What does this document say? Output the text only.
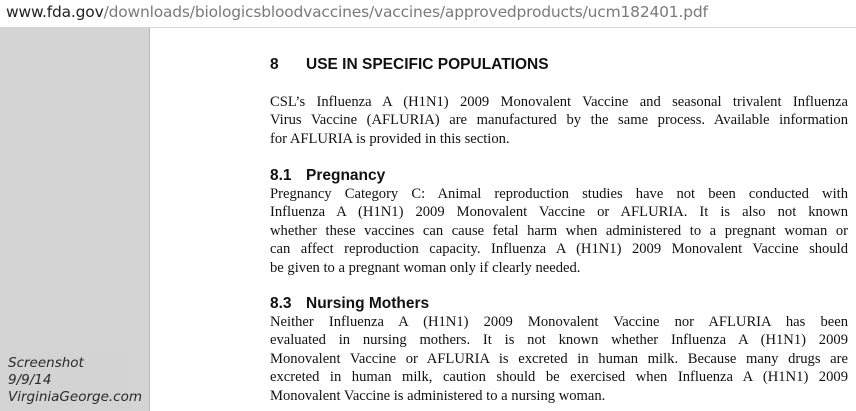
www.fda.gov/downloads/biologicsbloodvaccines/vaccines/approvedproducts/ucm182401.pdf
8 USE IN SPECIFIC POPULATIONS
CSL’s Influenza A (H1N1) 2009 Monovalent Vaccine and seasonal trivalent Influenza
Virus Vaccine (AFLURIA) are manufactured by the same process. Available information
for AFLURIA is provided in this section.
8.1 Pregnancy
Pregnancy Category C: Animal reproduction studies have not been conducted with
Influenza A (H1N1) 2009 Monovalent Vaccine or AFLURIA. It is also not known
whether these vaccines can cause fetal harm when administered to a pregnant woman or
can affect reproduction capacity. Influenza A (H1N1) 2009 Monovalent Vaccine should
be given to a pregnant woman only if clearly needed.
8.3 Nursing Mothers
Neither Influenza A (H1N1) 2009 Monovalent Vaccine nor AFLURIA has been
evaluated in nursing mothers. It is not known whether Influenza A (H1N1) 2009
Monovalent Vaccine or AFLURIA is excreted in human milk. Because many drugs are
excreted in human milk, caution should be exercised when Influenza A (H1N1) 2009
Monovalent Vaccine is administered to a nursing woman.
Screenshot 9/9/14
VirginiaGeorge.com
